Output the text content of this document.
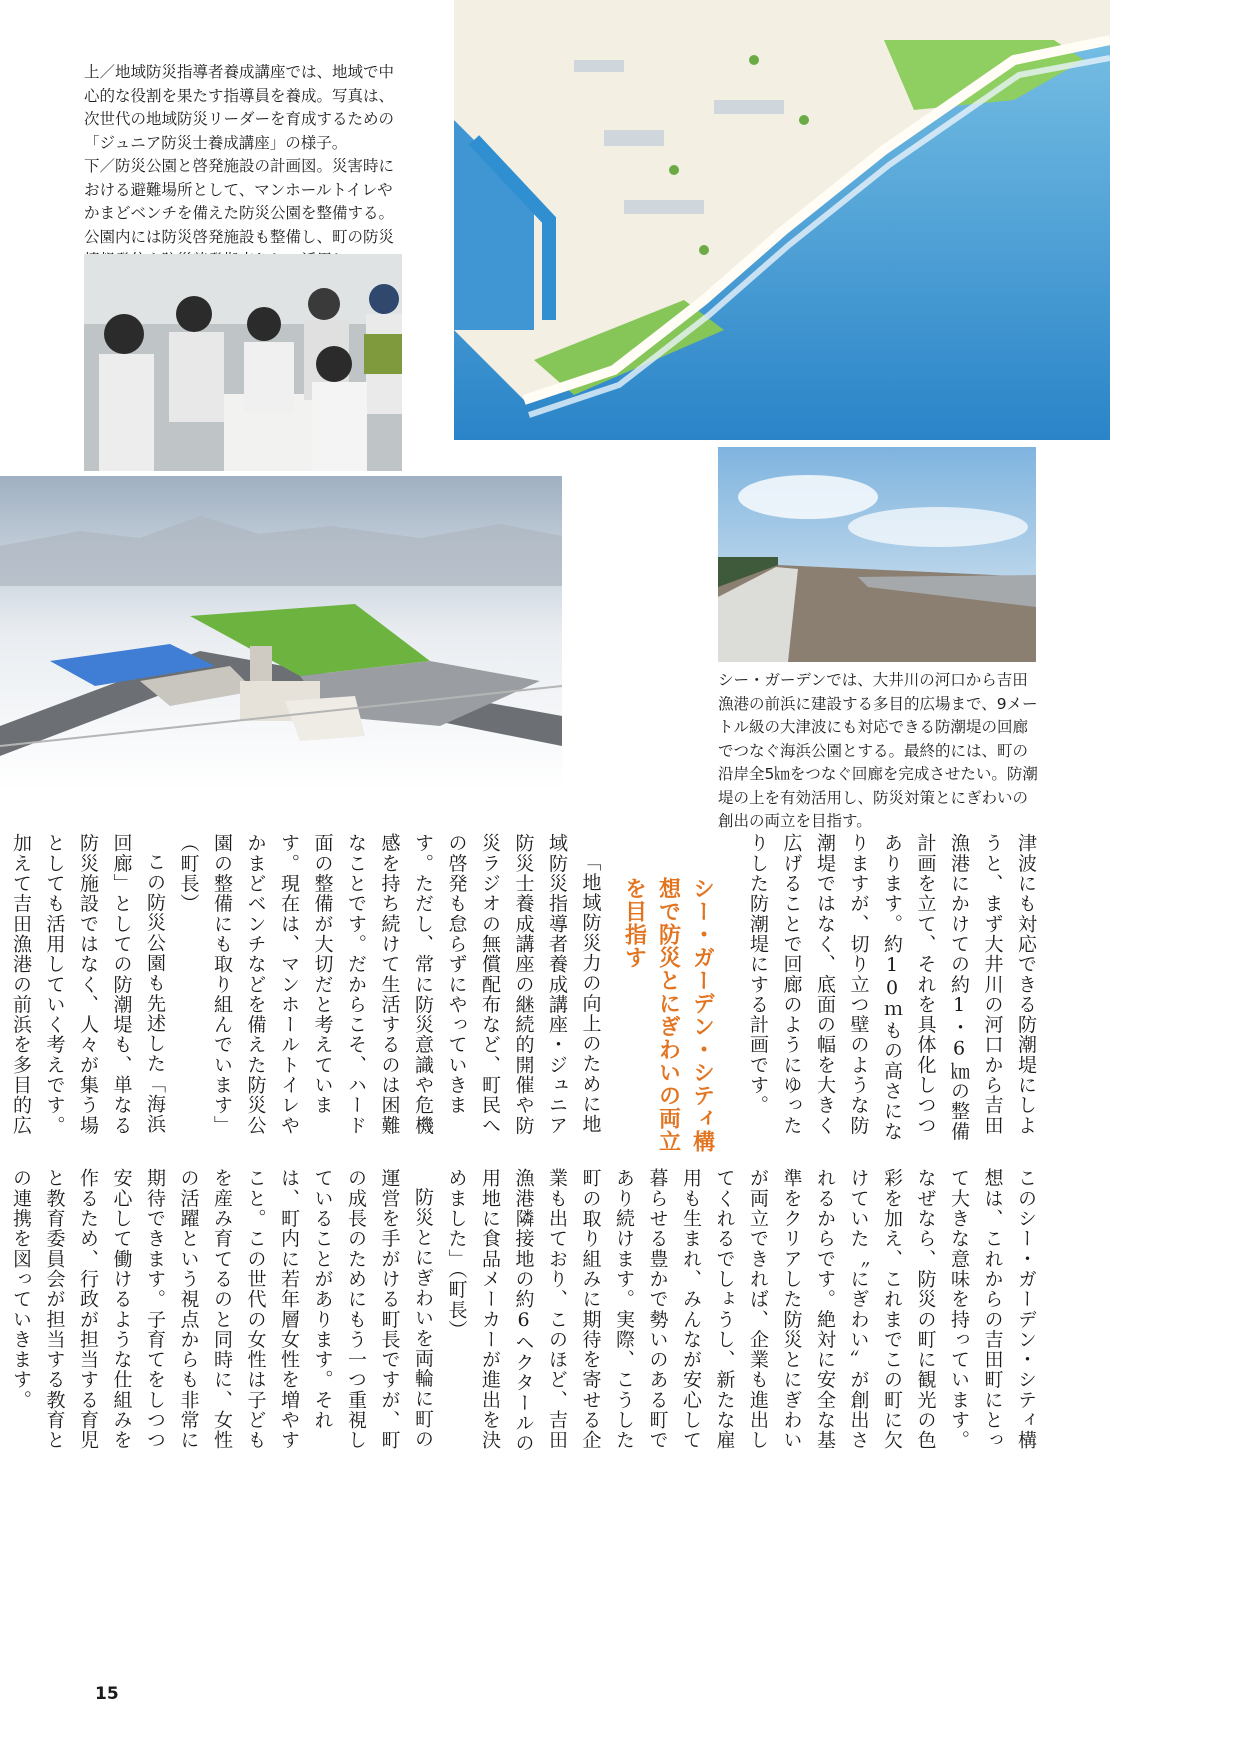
上／地域防災指導者養成講座では、地域で中心的な役割を果たす指導員を養成。写真は、次世代の地域防災リーダーを育成するための「ジュニア防災士養成講座」の様子。

下／防災公園と啓発施設の計画図。災害時における避難場所として、マンホールトイレやかまどベンチを備えた防災公園を整備する。公園内には防災啓発施設も整備し、町の防災

シー・ガーデンでは、大井川の河口から吉田漁港の前浜に建設する多目的広場まで、9メートル級の大津波にも対応できる防潮堤の回廊でつなぐ海浜公園とする。最終的には、町の沿岸全5㎞をつなぐ回廊を完成させたい。防潮堤の上を有効活用し、防災対策とにぎわいの創出の両立を目指す。

津波にも対応できる防潮堤にしようと、まず大井川の河口から吉田漁港にかけての約1・6㎞の整備計画を立て、それを具体化しつつあります。約10ｍもの高さになりますが、切り立つ壁のような防潮堤ではなく、底面の幅を大きく広げることで回廊のようにゆったりした防潮堤にする計画です。

シー・ガーデン・シティ構想で防災とにぎわいの両立を目指す

「地域防災力の向上のために地域防災指導者養成講座・ジュニア防災士養成講座の継続的開催や防災ラジオの無償配布など、町民への啓発も怠らずにやっていきます。ただし、常に防災意識や危機感を持ち続けて生活するのは困難なことです。だからこそ、ハード面の整備が大切だと考えています。現在は、マンホールトイレやかまどベンチなどを備えた防災公園の整備にも取り組んでいます」（町長）

この防災公園も先述した「海浜回廊」としての防潮堤も、単なる防災施設ではなく、人々が集う場としても活用していく考えです。加えて吉田漁港の前浜を多目的広

このシー・ガーデン・シティ構想は、これからの吉田町にとって大きな意味を持っています。なぜなら、防災の町に観光の色彩を加え、これまでこの町に欠けていた〝にぎわい〟が創出されるからです。絶対に安全な基準をクリアした防災とにぎわいが両立できれば、企業も進出してくれるでしょうし、新たな雇用も生まれ、みんなが安心して暮らせる豊かで勢いのある町であり続けます。実際、こうした町の取り組みに期待を寄せる企業も出ており、このほど、吉田漁港隣接地の約6ヘクタールの用地に食品メーカーが進出を決めました」（町長）

防災とにぎわいを両輪に町の運営を手がける町長ですが、町の成長のためにもう一つ重視していることがあります。それは、町内に若年層女性を増やすこと。この世代の女性は子どもを産み育てるのと同時に、女性の活躍という視点からも非常に期待できます。子育てをしつつ安心して働けるような仕組みを作るため、行政が担当する育児と教育委員会が担当する教育との連携を図っていきます。

15
